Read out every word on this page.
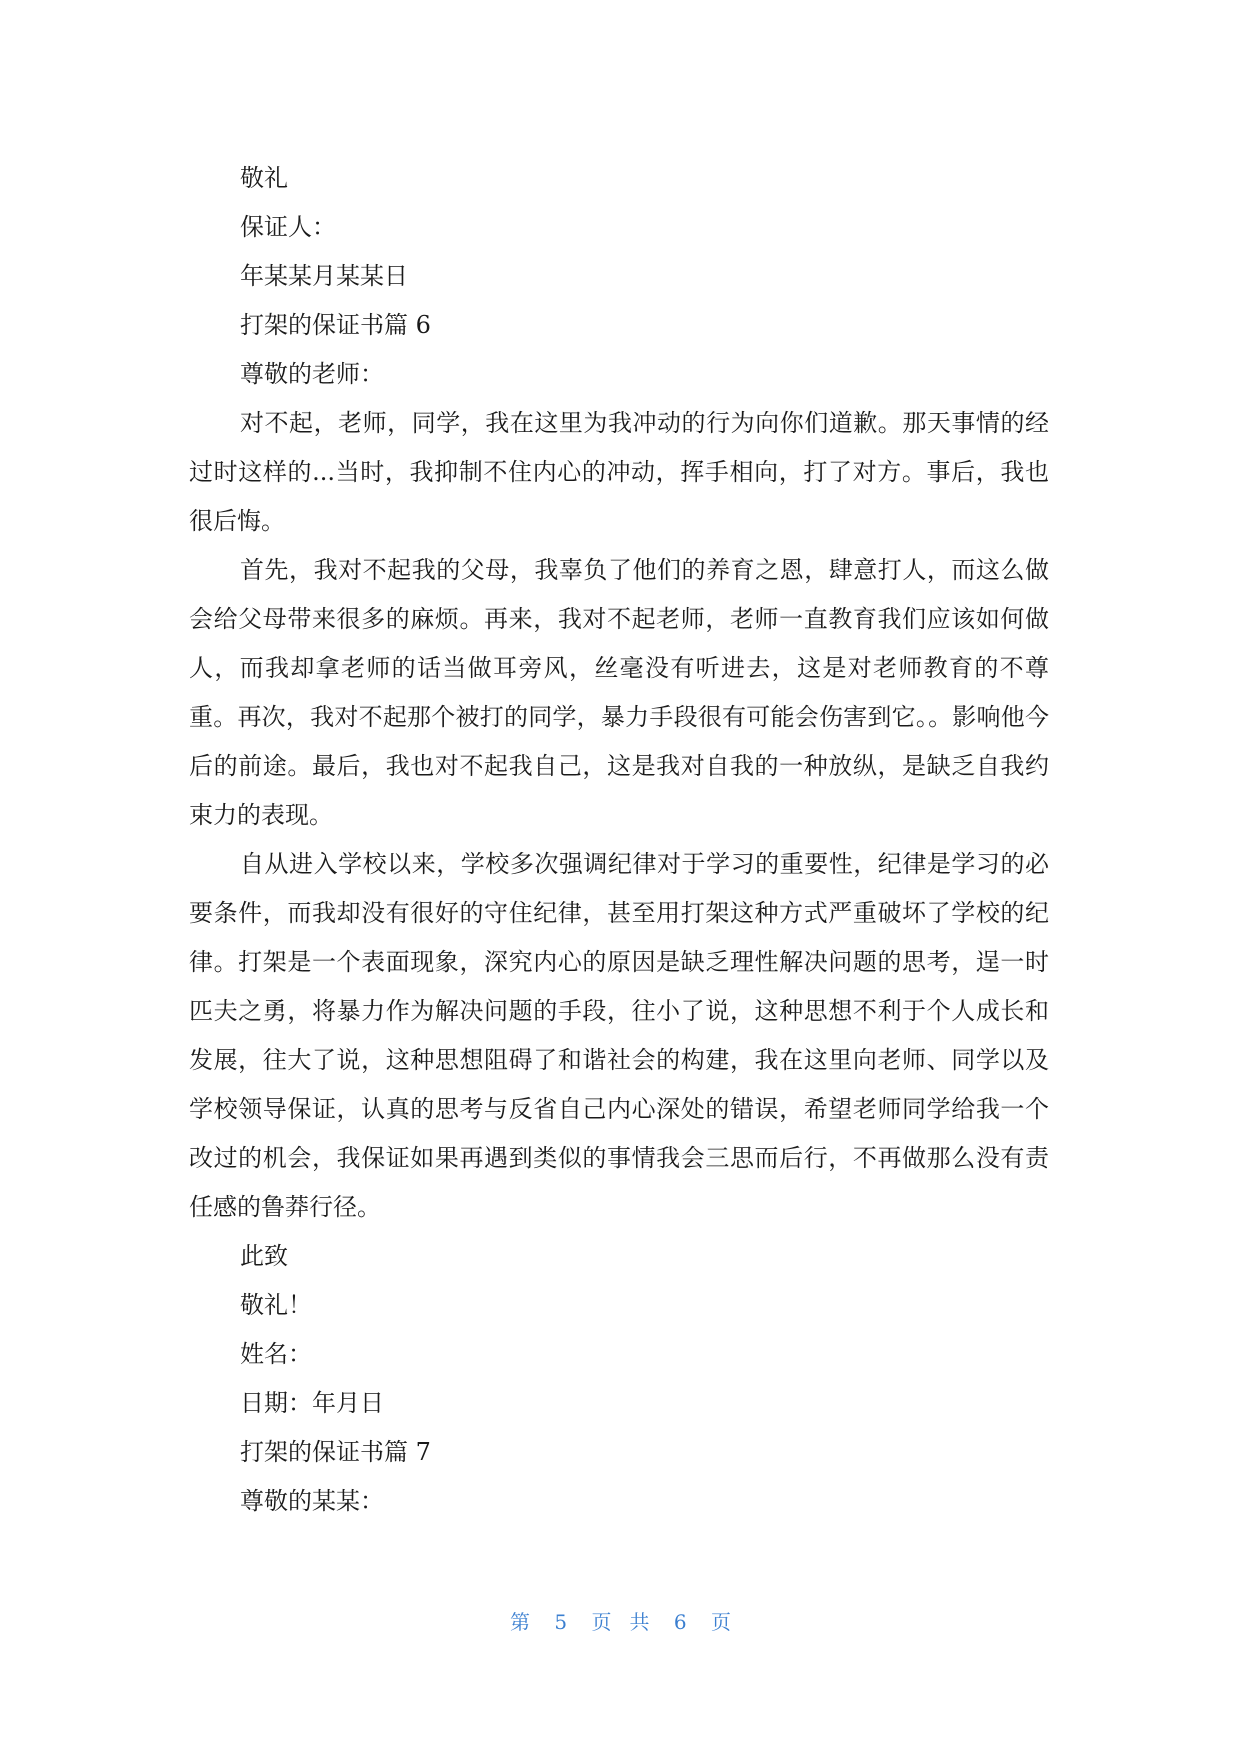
敬礼
保证人：
年某某月某某日
打架的保证书篇 6
尊敬的老师：

对不起，老师，同学，我在这里为我冲动的行为向你们道歉。那天事情的经过时这样的...当时，我抑制不住内心的冲动，挥手相向，打了对方。事后，我也很后悔。

首先，我对不起我的父母，我辜负了他们的养育之恩，肆意打人，而这么做会给父母带来很多的麻烦。再来，我对不起老师，老师一直教育我们应该如何做人，而我却拿老师的话当做耳旁风，丝毫没有听进去，这是对老师教育的不尊重。再次，我对不起那个被打的同学，暴力手段很有可能会伤害到它。。影响他今后的前途。最后，我也对不起我自己，这是我对自我的一种放纵，是缺乏自我约束力的表现。

自从进入学校以来，学校多次强调纪律对于学习的重要性，纪律是学习的必要条件，而我却没有很好的守住纪律，甚至用打架这种方式严重破坏了学校的纪律。打架是一个表面现象，深究内心的原因是缺乏理性解决问题的思考，逞一时匹夫之勇，将暴力作为解决问题的手段，往小了说，这种思想不利于个人成长和发展，往大了说，这种思想阻碍了和谐社会的构建，我在这里向老师、同学以及学校领导保证，认真的思考与反省自己内心深处的错误，希望老师同学给我一个改过的机会，我保证如果再遇到类似的事情我会三思而后行，不再做那么没有责任感的鲁莽行径。

此致
敬礼！
姓名：
日期：年月日
打架的保证书篇 7
尊敬的某某：
第 5 页 共 6 页
